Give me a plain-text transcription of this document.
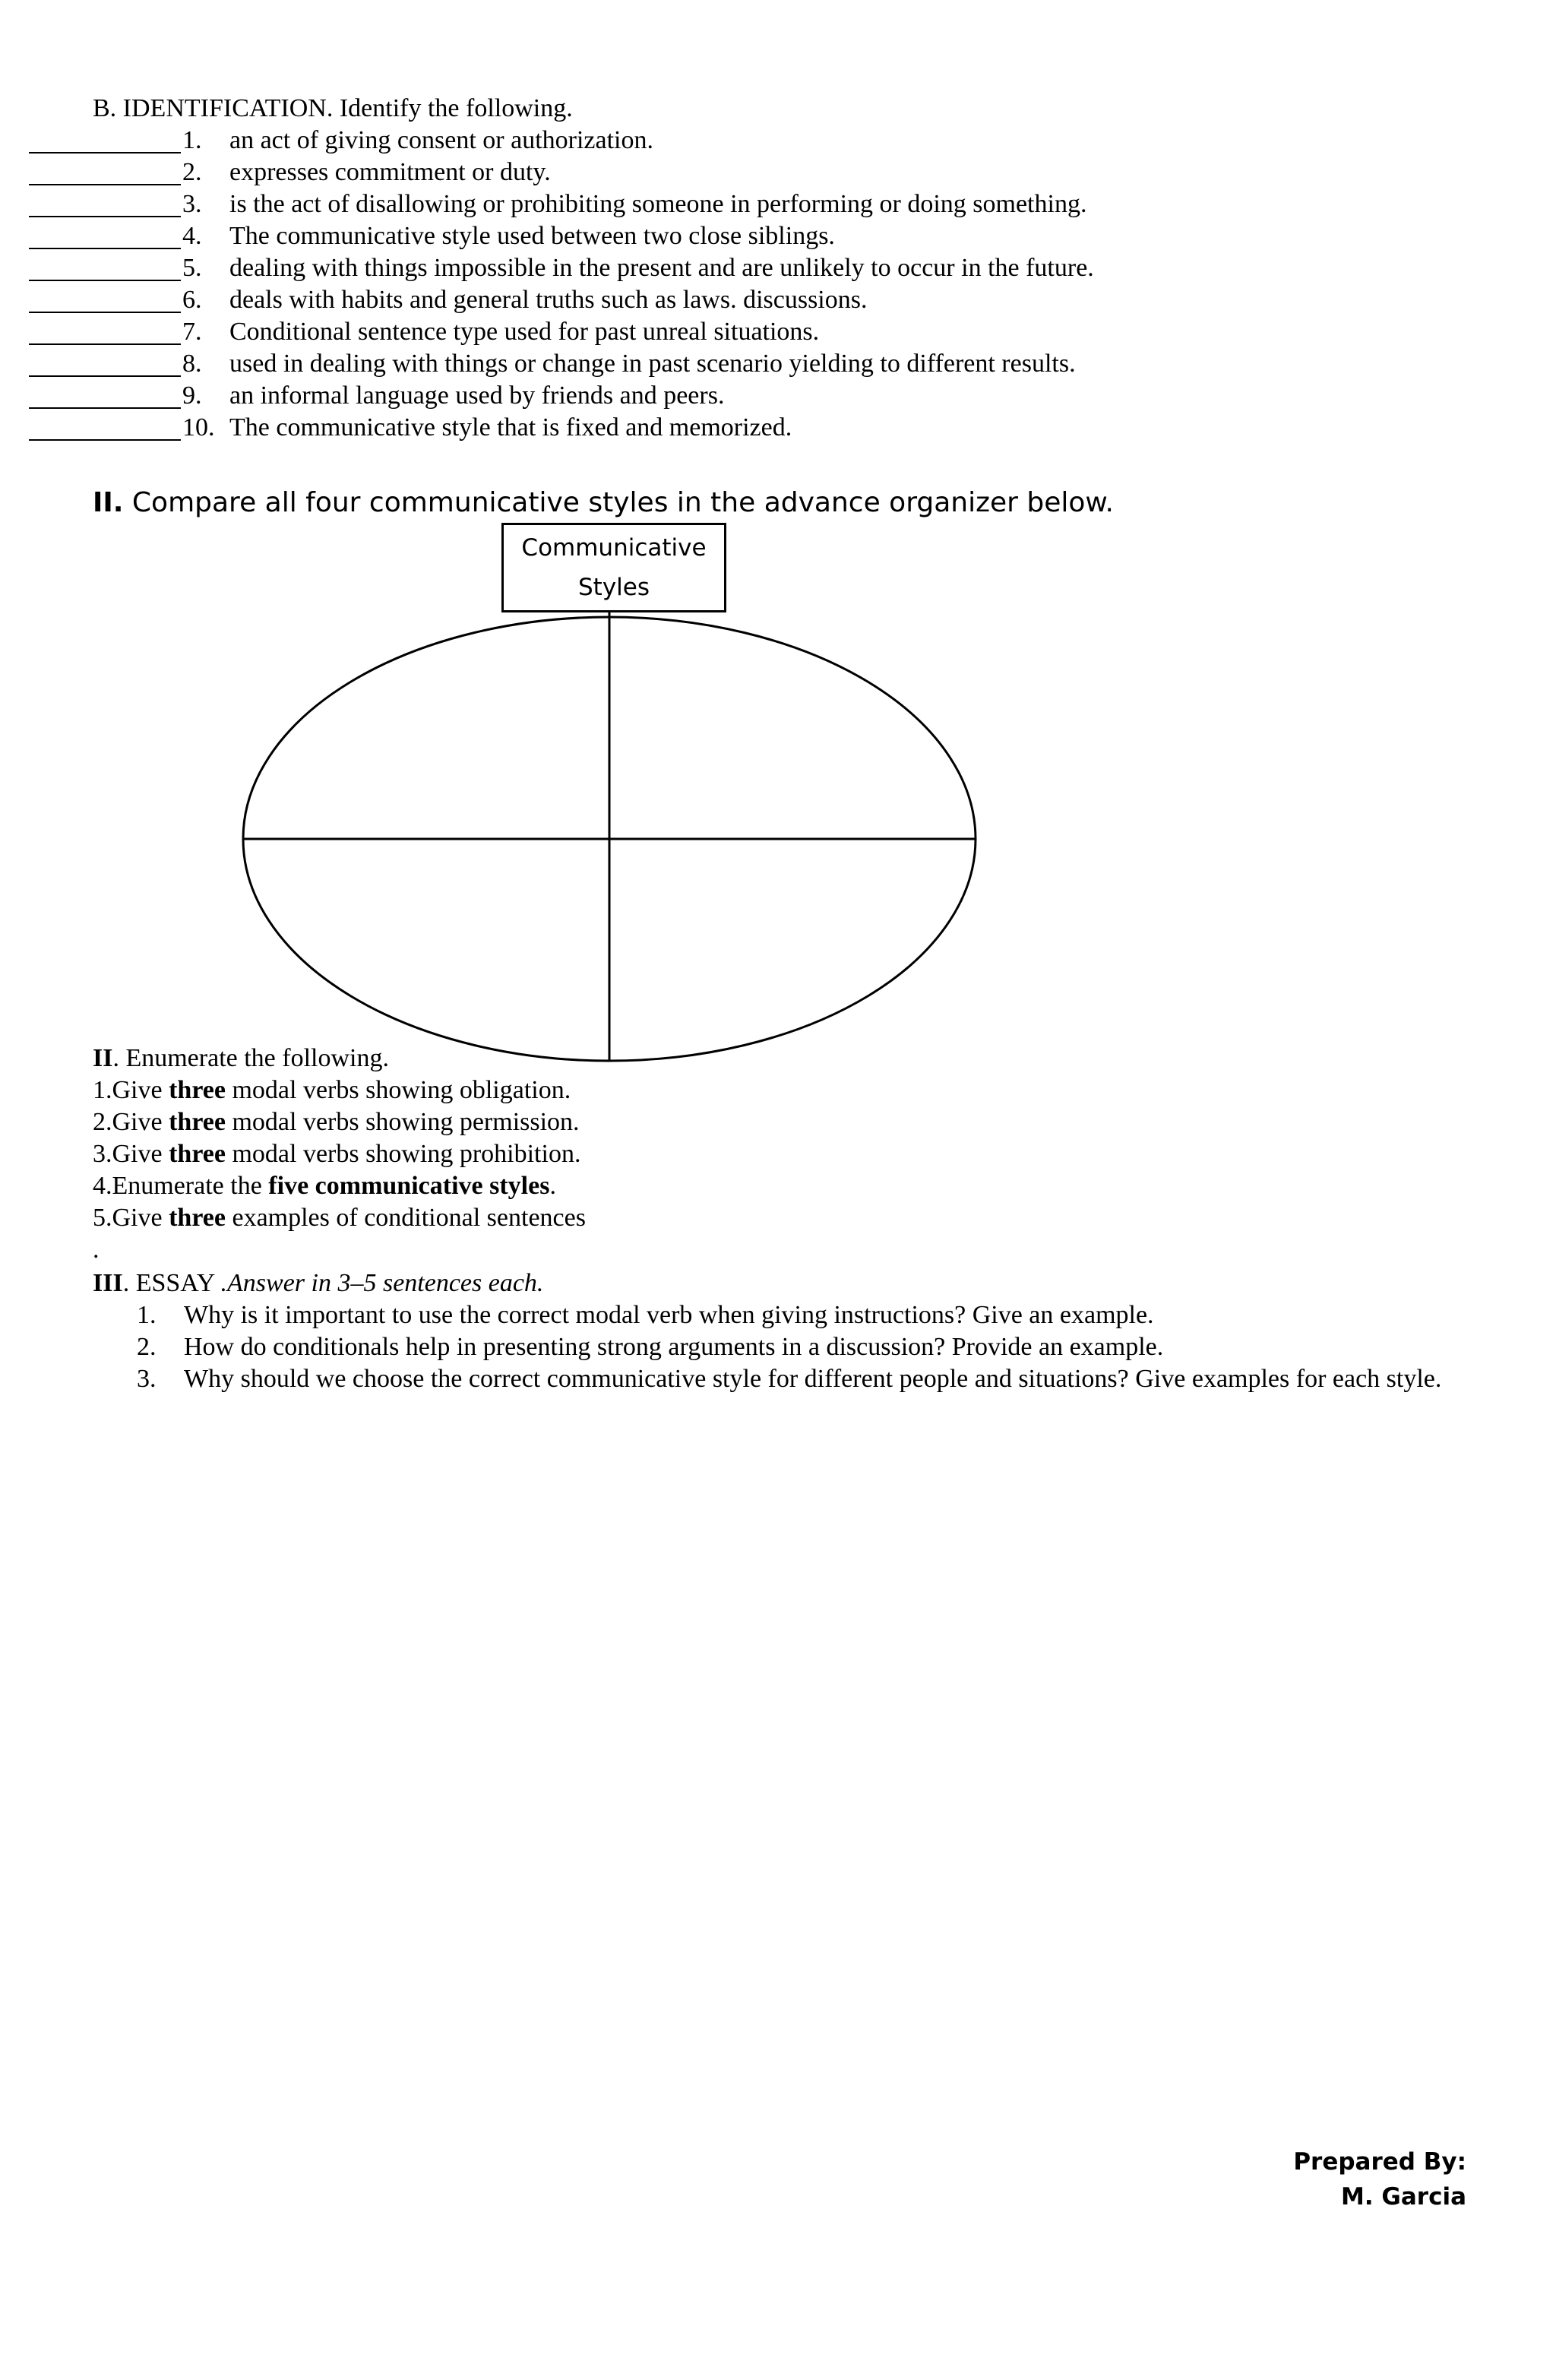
B. IDENTIFICATION. Identify the following.
1. an act of giving consent or authorization.
2. expresses commitment or duty.
3. is the act of disallowing or prohibiting someone in performing or doing something.
4. The communicative style used between two close siblings.
5. dealing with things impossible in the present and are unlikely to occur in the future.
6. deals with habits and general truths such as laws. discussions.
7. Conditional sentence type used for past unreal situations.
8. used in dealing with things or change in past scenario yielding to different results.
9. an informal language used by friends and peers.
10. The communicative style that is fixed and memorized.
II. Compare all four communicative styles in the advance organizer below.
Communicative
Styles
II. Enumerate the following.
1.Give three modal verbs showing obligation.
2.Give three modal verbs showing permission.
3.Give three modal verbs showing prohibition.
4.Enumerate the five communicative styles.
5.Give three examples of conditional sentences
.
III. ESSAY .Answer in 3–5 sentences each.
1. Why is it important to use the correct modal verb when giving instructions? Give an example.
2. How do conditionals help in presenting strong arguments in a discussion? Provide an example.
3. Why should we choose the correct communicative style for different people and situations? Give examples for each style.
Prepared By:
M. Garcia
